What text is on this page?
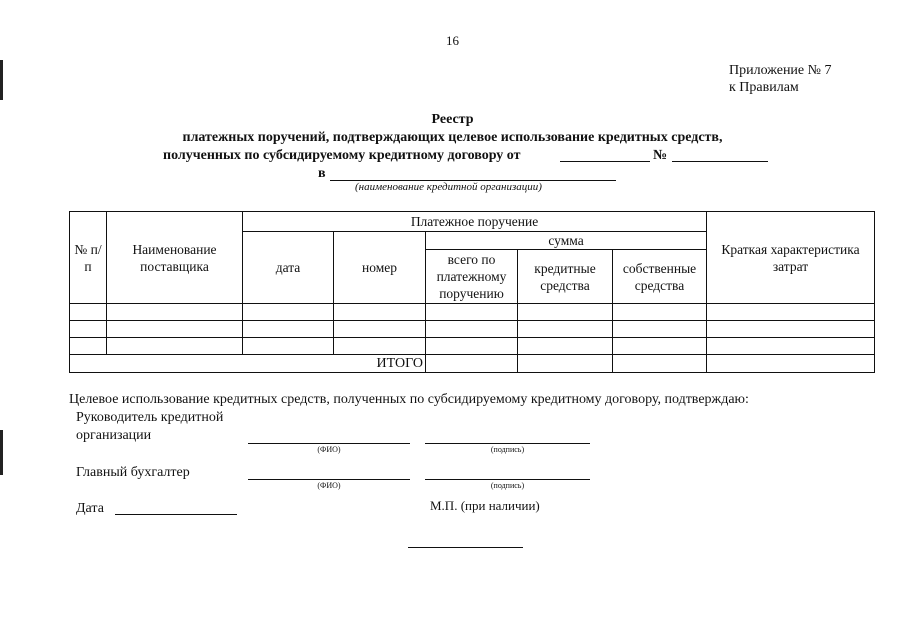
16
Приложение № 7
к Правилам
Реестр
платежных поручений, подтверждающих целевое использование кредитных средств,
полученных по субсидируемому кредитному договору от	№
в
(наименование кредитной организации)
№ п/п	Наименование поставщика	Платежное поручение					Краткая характеристика затрат
		дата	номер	сумма			
				всего по платежному поручению	кредитные средства	собственные средства	

ИТОГО							
Целевое использование кредитных средств, полученных по субсидируемому кредитному договору, подтверждаю:
Руководитель кредитной
организации
(ФИО)	(подпись)
Главный бухгалтер
(ФИО)	(подпись)
Дата	М.П. (при наличии)
